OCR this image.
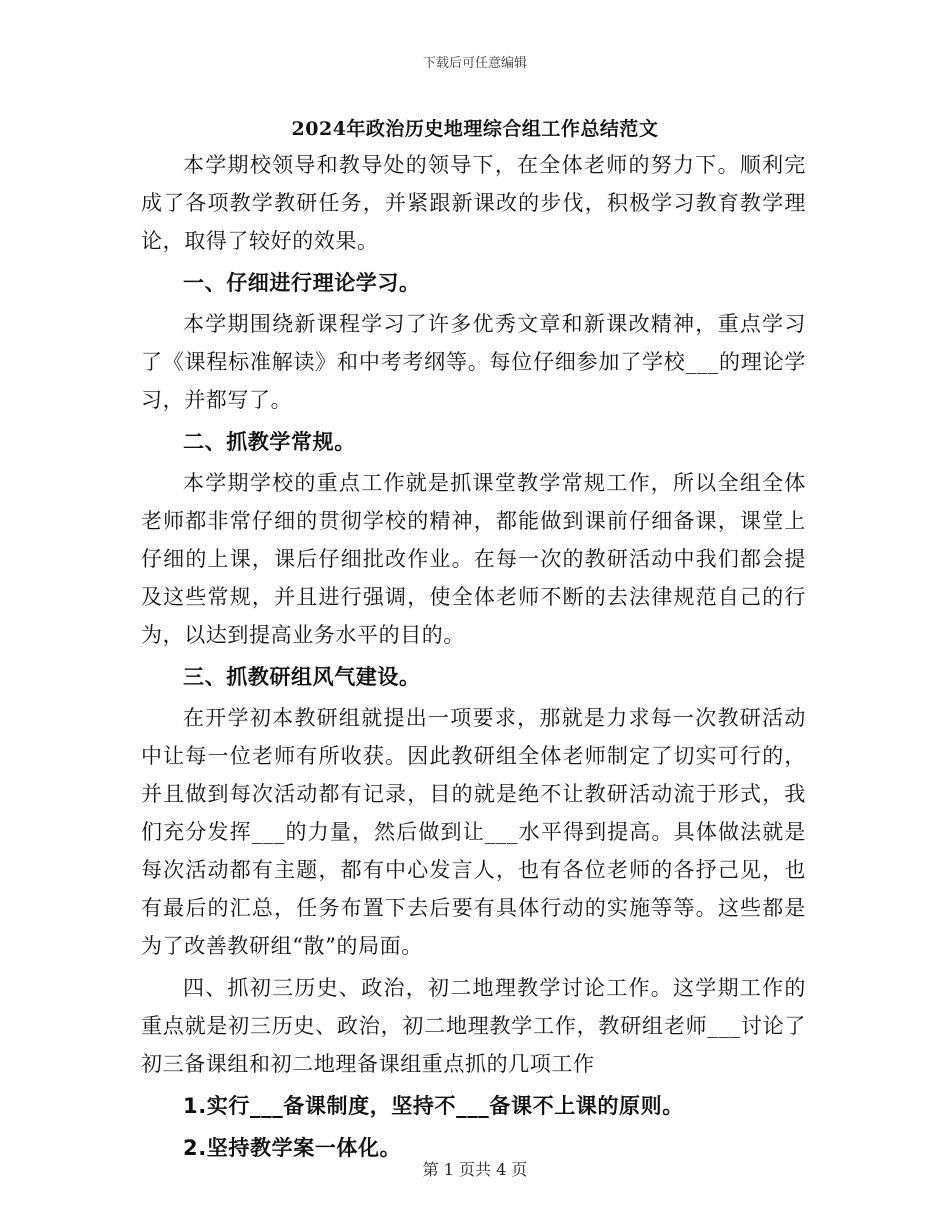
下载后可任意编辑
2024年政治历史地理综合组工作总结范文

本学期校领导和教导处的领导下，在全体老师的努力下。顺利完成了各项教学教研任务，并紧跟新课改的步伐，积极学习教育教学理论，取得了较好的效果。

一、仔细进行理论学习。

本学期围绕新课程学习了许多优秀文章和新课改精神，重点学习了《课程标准解读》和中考考纲等。每位仔细参加了学校___的理论学习，并都写了。

二、抓教学常规。

本学期学校的重点工作就是抓课堂教学常规工作，所以全组全体老师都非常仔细的贯彻学校的精神，都能做到课前仔细备课，课堂上仔细的上课，课后仔细批改作业。在每一次的教研活动中我们都会提及这些常规，并且进行强调，使全体老师不断的去法律规范自己的行为，以达到提高业务水平的目的。

三、抓教研组风气建设。

在开学初本教研组就提出一项要求，那就是力求每一次教研活动中让每一位老师有所收获。因此教研组全体老师制定了切实可行的，并且做到每次活动都有记录，目的就是绝不让教研活动流于形式，我们充分发挥___的力量，然后做到让___水平得到提高。具体做法就是每次活动都有主题，都有中心发言人，也有各位老师的各抒己见，也有最后的汇总，任务布置下去后要有具体行动的实施等等。这些都是为了改善教研组“散”的局面。

四、抓初三历史、政治，初二地理教学讨论工作。这学期工作的重点就是初三历史、政治，初二地理教学工作，教研组老师___讨论了初三备课组和初二地理备课组重点抓的几项工作

1.实行___备课制度，坚持不___备课不上课的原则。

2.坚持教学案一体化。

第 1 页共 4 页
